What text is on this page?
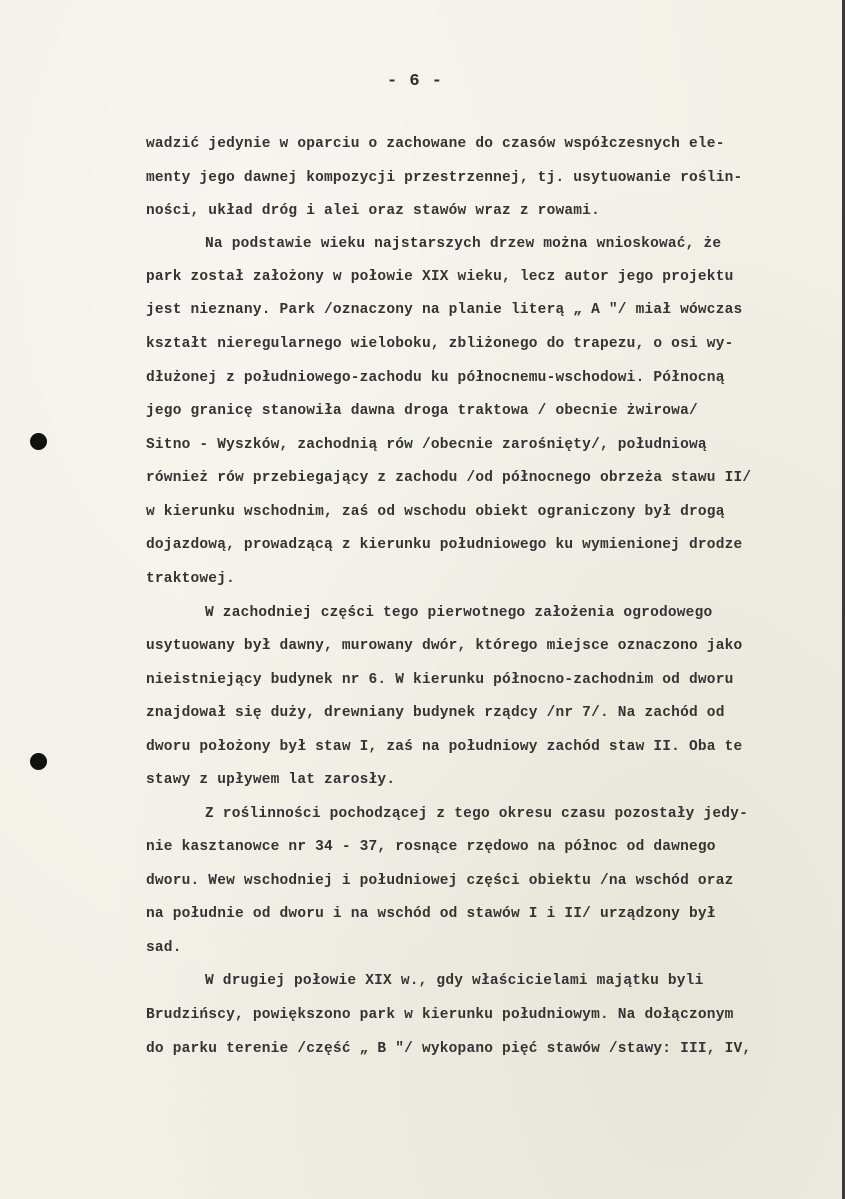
- 6 -
wadzić jedynie w oparciu o zachowane do czasów współczesnych ele-
menty jego dawnej kompozycji przestrzennej, tj. usytuowanie roślin-
ności, układ dróg i alei oraz stawów wraz z rowami.
Na podstawie wieku najstarszych drzew można wnioskować, że
park został założony w połowie XIX wieku, lecz autor jego projektu
jest nieznany. Park /oznaczony na planie literą „ A "/ miał wówczas
kształt nieregularnego wieloboku, zbliżonego do trapezu, o osi wy-
dłużonej z południowego-zachodu ku północnemu-wschodowi. Północną
jego granicę stanowiła dawna droga traktowa / obecnie żwirowa/
Sitno - Wyszków, zachodnią rów /obecnie zarośnięty/, południową
również rów przebiegający z zachodu /od północnego obrzeża stawu II/
w kierunku wschodnim, zaś od wschodu obiekt ograniczony był drogą
dojazdową, prowadzącą z kierunku południowego ku wymienionej drodze
traktowej.
W zachodniej części tego pierwotnego założenia ogrodowego
usytuowany był dawny, murowany dwór, którego miejsce oznaczono jako
nieistniejący budynek nr 6. W kierunku północno-zachodnim od dworu
znajdował się duży, drewniany budynek rządcy /nr 7/. Na zachód od
dworu położony był staw I, zaś na południowy zachód staw II. Oba te
stawy z upływem lat zarosły.
Z roślinności pochodzącej z tego okresu czasu pozostały jedy-
nie kasztanowce nr 34 - 37, rosnące rzędowo na północ od dawnego
dworu. Wew wschodniej i południowej części obiektu /na wschód oraz
na południe od dworu i na wschód od stawów I i II/ urządzony był
sad.
W drugiej połowie XIX w., gdy właścicielami majątku byli
Brudzińscy, powiększono park w kierunku południowym. Na dołączonym
do parku terenie /część „ B "/ wykopano pięć stawów /stawy: III, IV,
